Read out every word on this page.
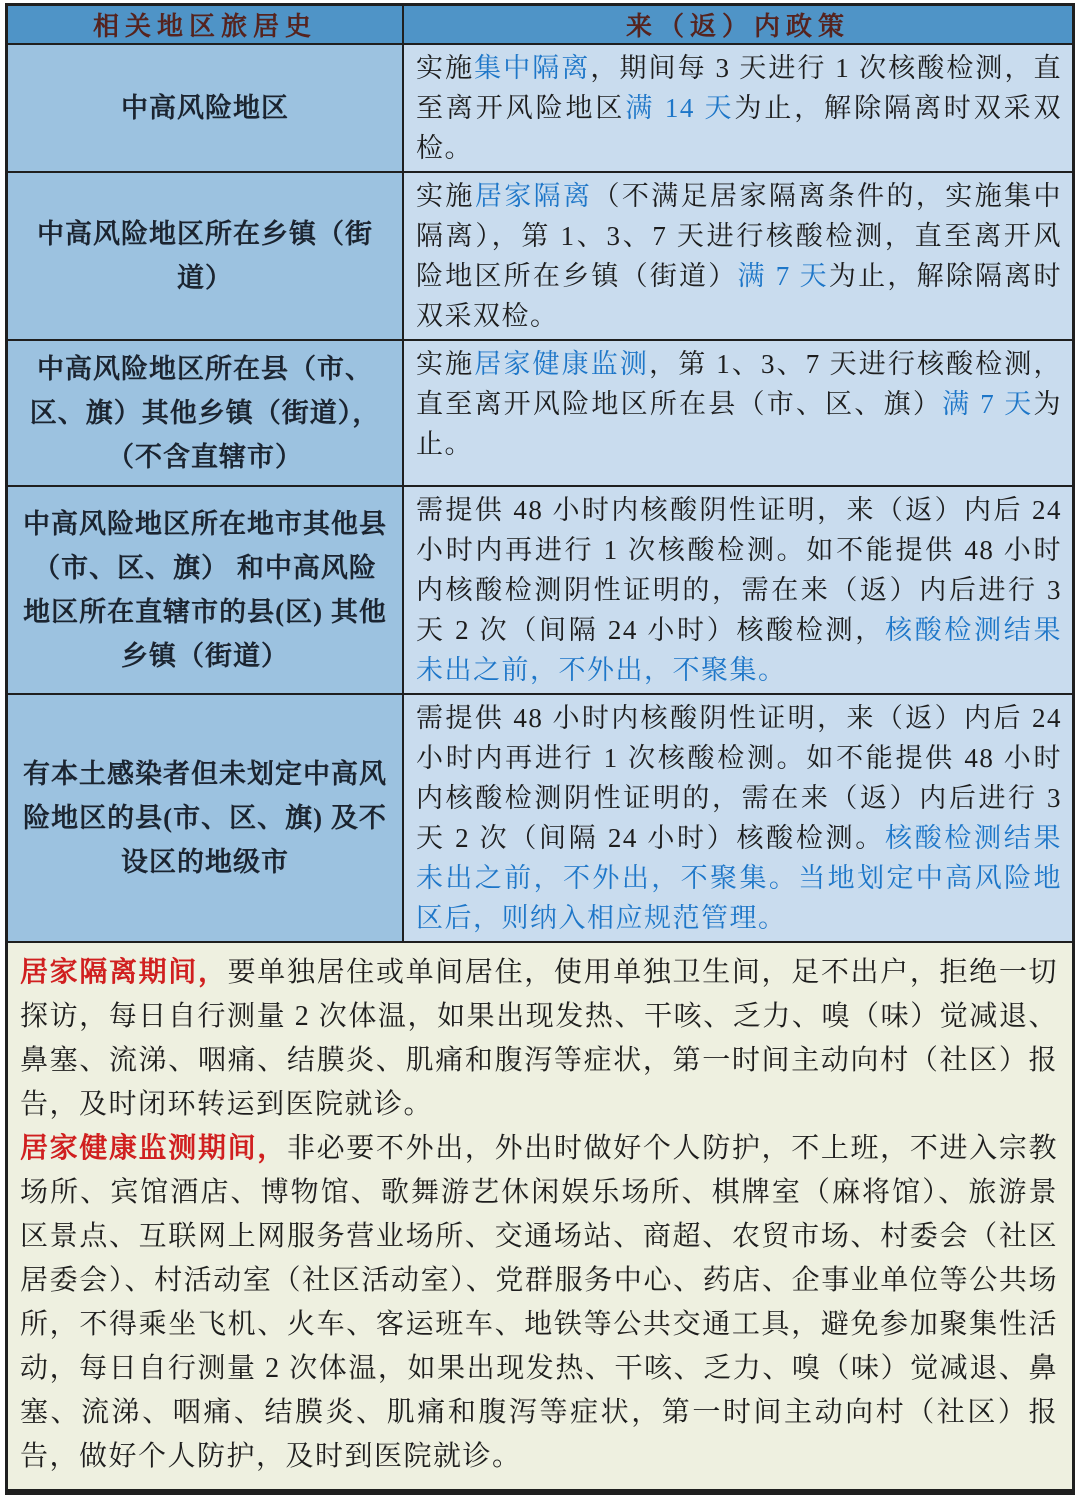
相关地区旅居史	来（返）内政策
中高风险地区
实施集中隔离，期间每 3 天进行 1 次核酸检测，直至离开风险地区满 14 天为止，解除隔离时双采双检。
中高风险地区所在乡镇（街道）
实施居家隔离（不满足居家隔离条件的，实施集中隔离），第 1、3、7 天进行核酸检测，直至离开风险地区所在乡镇（街道）满 7 天为止，解除隔离时双采双检。
中高风险地区所在县（市、区、旗）其他乡镇（街道），（不含直辖市）
实施居家健康监测，第 1、3、7 天进行核酸检测，直至离开风险地区所在县（市、区、旗）满 7 天为止。
中高风险地区所在地市其他县（市、区、旗） 和中高风险地区所在直辖市的县(区) 其他乡镇（街道）
需提供 48 小时内核酸阴性证明，来（返）内后 24 小时内再进行 1 次核酸检测。如不能提供 48 小时内核酸检测阴性证明的，需在来（返）内后进行 3 天 2 次（间隔 24 小时）核酸检测，核酸检测结果未出之前，不外出，不聚集。
有本土感染者但未划定中高风险地区的县(市、区、旗) 及不设区的地级市
需提供 48 小时内核酸阴性证明，来（返）内后 24 小时内再进行 1 次核酸检测。如不能提供 48 小时内核酸检测阴性证明的，需在来（返）内后进行 3 天 2 次（间隔 24 小时）核酸检测。核酸检测结果未出之前，不外出，不聚集。当地划定中高风险地区后，则纳入相应规范管理。

居家隔离期间，要单独居住或单间居住，使用单独卫生间，足不出户，拒绝一切探访，每日自行测量 2 次体温，如果出现发热、干咳、乏力、嗅（味）觉减退、鼻塞、流涕、咽痛、结膜炎、肌痛和腹泻等症状，第一时间主动向村（社区）报告，及时闭环转运到医院就诊。

居家健康监测期间，非必要不外出，外出时做好个人防护，不上班，不进入宗教场所、宾馆酒店、博物馆、歌舞游艺休闲娱乐场所、棋牌室（麻将馆）、旅游景区景点、互联网上网服务营业场所、交通场站、商超、农贸市场、村委会（社区居委会）、村活动室（社区活动室）、党群服务中心、药店、企事业单位等公共场所，不得乘坐飞机、火车、客运班车、地铁等公共交通工具，避免参加聚集性活动，每日自行测量 2 次体温，如果出现发热、干咳、乏力、嗅（味）觉减退、鼻塞、流涕、咽痛、结膜炎、肌痛和腹泻等症状，第一时间主动向村（社区）报告，做好个人防护，及时到医院就诊。
